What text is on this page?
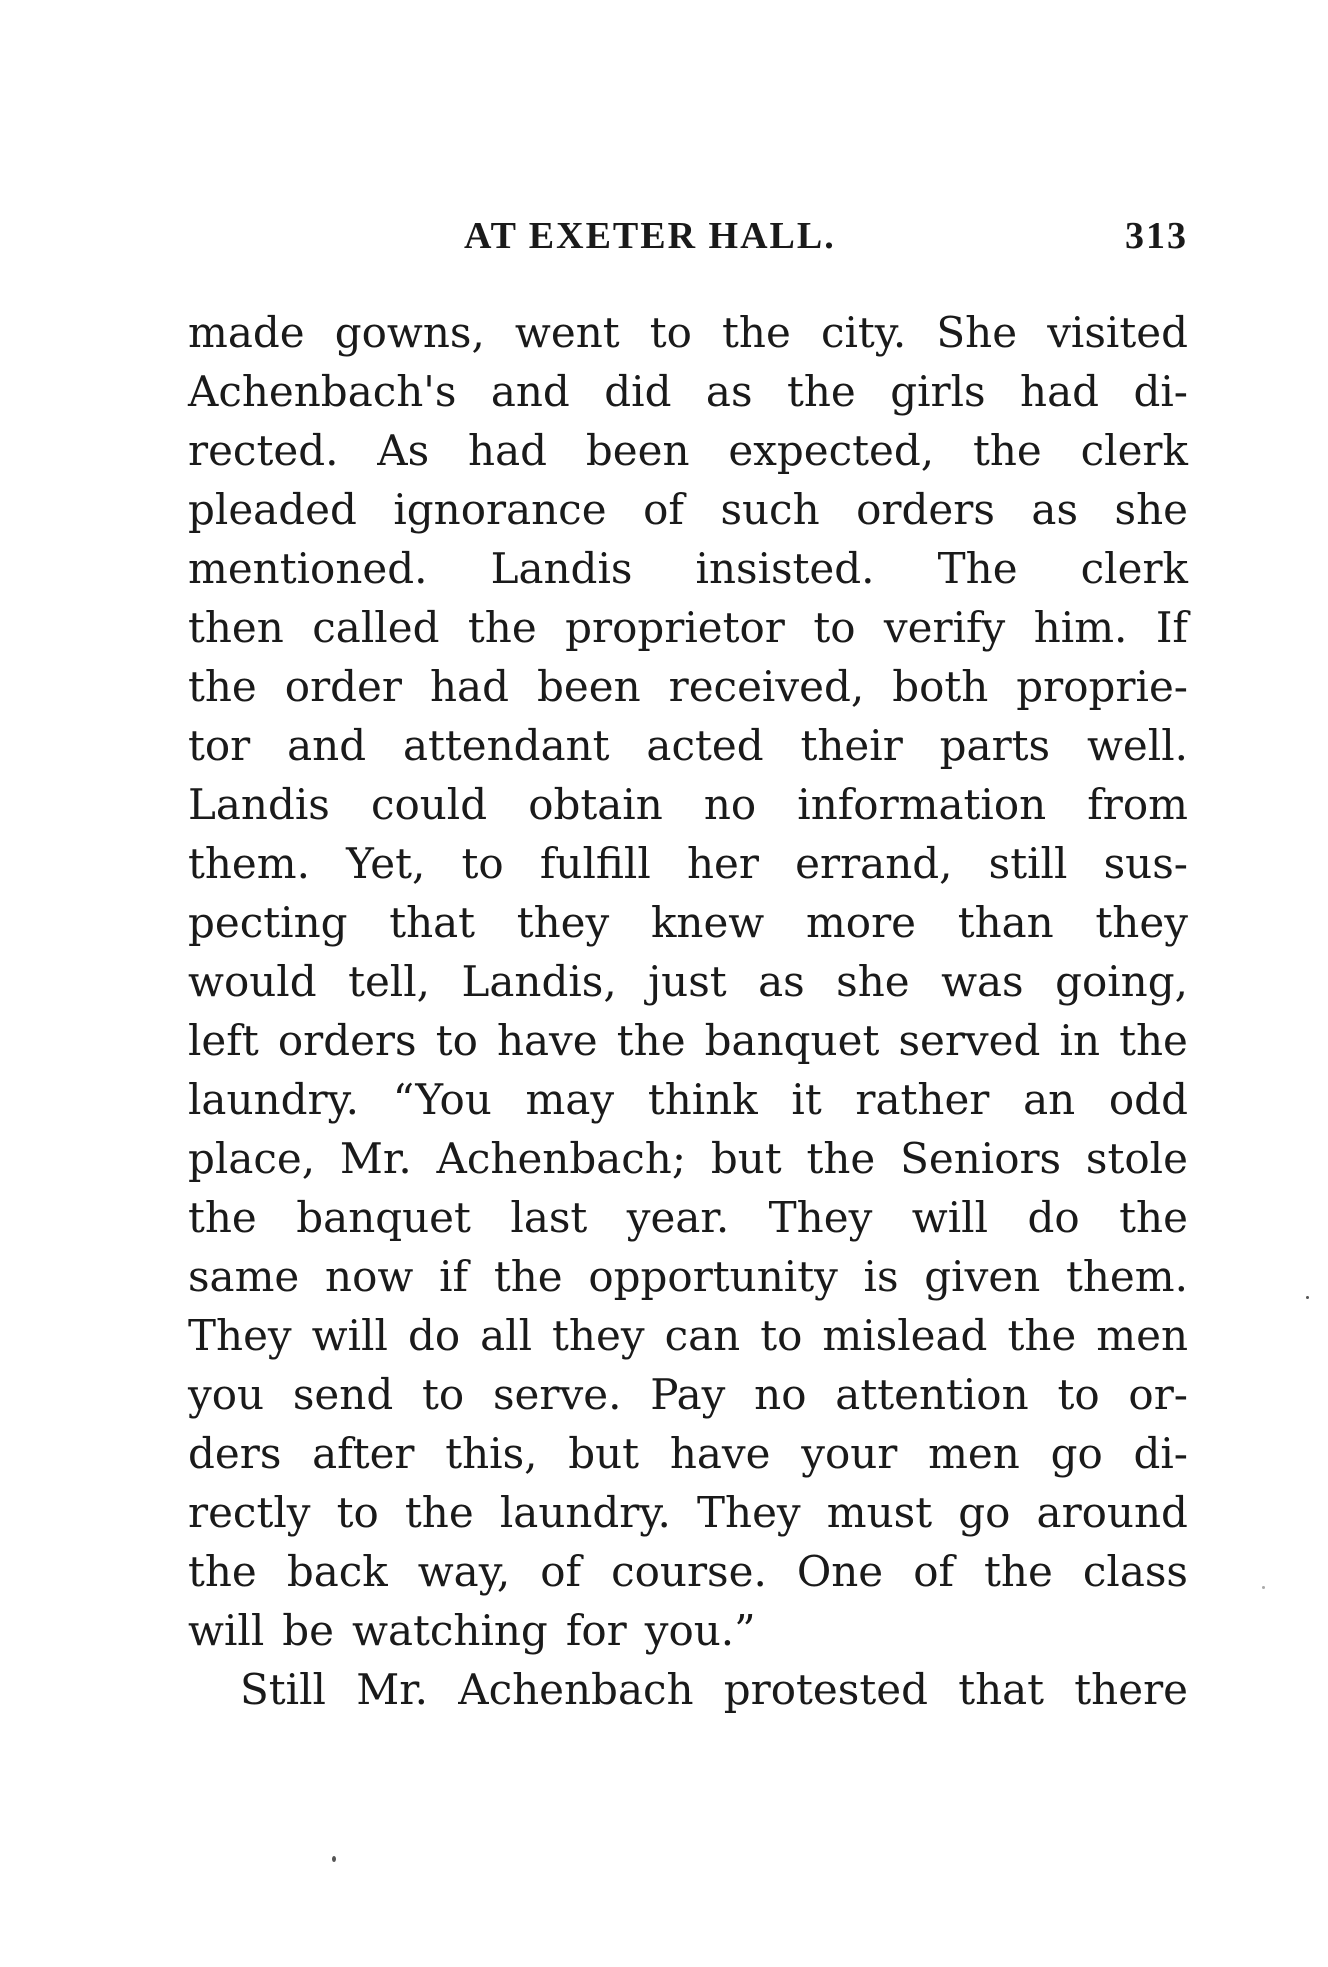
AT EXETER HALL.	313
made gowns, went to the city. She visited
Achenbach's and did as the girls had di-
rected. As had been expected, the clerk
pleaded ignorance of such orders as she
mentioned. Landis insisted. The clerk
then called the proprietor to verify him. If
the order had been received, both proprie-
tor and attendant acted their parts well.
Landis could obtain no information from
them. Yet, to fulfill her errand, still sus-
pecting that they knew more than they
would tell, Landis, just as she was going,
left orders to have the banquet served in the
laundry. “You may think it rather an odd
place, Mr. Achenbach; but the Seniors stole
the banquet last year. They will do the
same now if the opportunity is given them.
They will do all they can to mislead the men
you send to serve. Pay no attention to or-
ders after this, but have your men go di-
rectly to the laundry. They must go around
the back way, of course. One of the class
will be watching for you.”
Still Mr. Achenbach protested that there
